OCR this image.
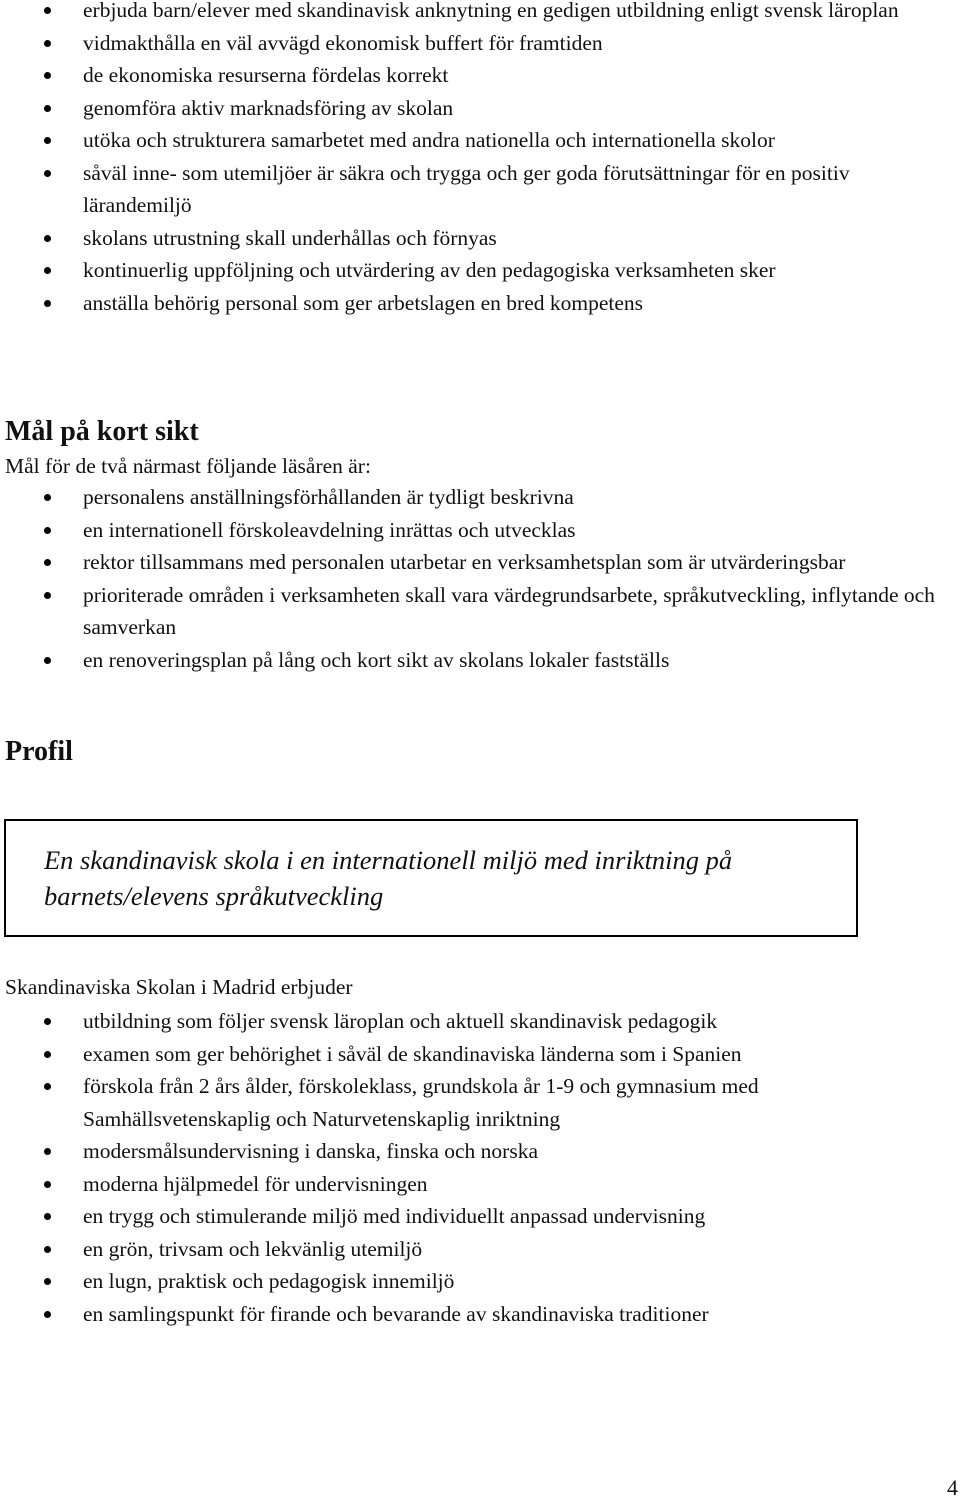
erbjuda barn/elever med skandinavisk anknytning en gedigen utbildning enligt svensk läroplan
vidmakthålla en väl avvägd ekonomisk buffert för framtiden
de ekonomiska resurserna fördelas korrekt
genomföra aktiv marknadsföring av skolan
utöka och strukturera samarbetet med andra nationella och internationella skolor
såväl inne- som utemiljöer är säkra och trygga och ger goda förutsättningar för en positiv lärandemiljö
skolans utrustning skall underhållas och förnyas
kontinuerlig uppföljning och utvärdering av den pedagogiska verksamheten sker
anställa behörig personal som ger arbetslagen en bred kompetens
Mål på kort sikt

Mål för de två närmast följande läsåren är:

personalens anställningsförhållanden är tydligt beskrivna
en internationell förskoleavdelning inrättas och utvecklas
rektor tillsammans med personalen utarbetar en verksamhetsplan som är utvärderingsbar
prioriterade områden i verksamheten skall vara värdegrundsarbete, språkutveckling, inflytande och samverkan
en renoveringsplan på lång och kort sikt av skolans lokaler fastställs
Profil

En skandinavisk skola i en internationell miljö med inriktning på barnets/elevens språkutveckling

Skandinaviska Skolan i Madrid erbjuder

utbildning som följer svensk läroplan och aktuell skandinavisk pedagogik
examen som ger behörighet i såväl de skandinaviska länderna som i Spanien
förskola från 2 års ålder, förskoleklass, grundskola år 1-9 och gymnasium med Samhällsvetenskaplig och Naturvetenskaplig inriktning
modersmålsundervisning i danska, finska och norska
moderna hjälpmedel för undervisningen
en trygg och stimulerande miljö med individuellt anpassad undervisning
en grön, trivsam och lekvänlig utemiljö
en lugn, praktisk och pedagogisk innemiljö
en samlingspunkt för firande och bevarande av skandinaviska traditioner
4
